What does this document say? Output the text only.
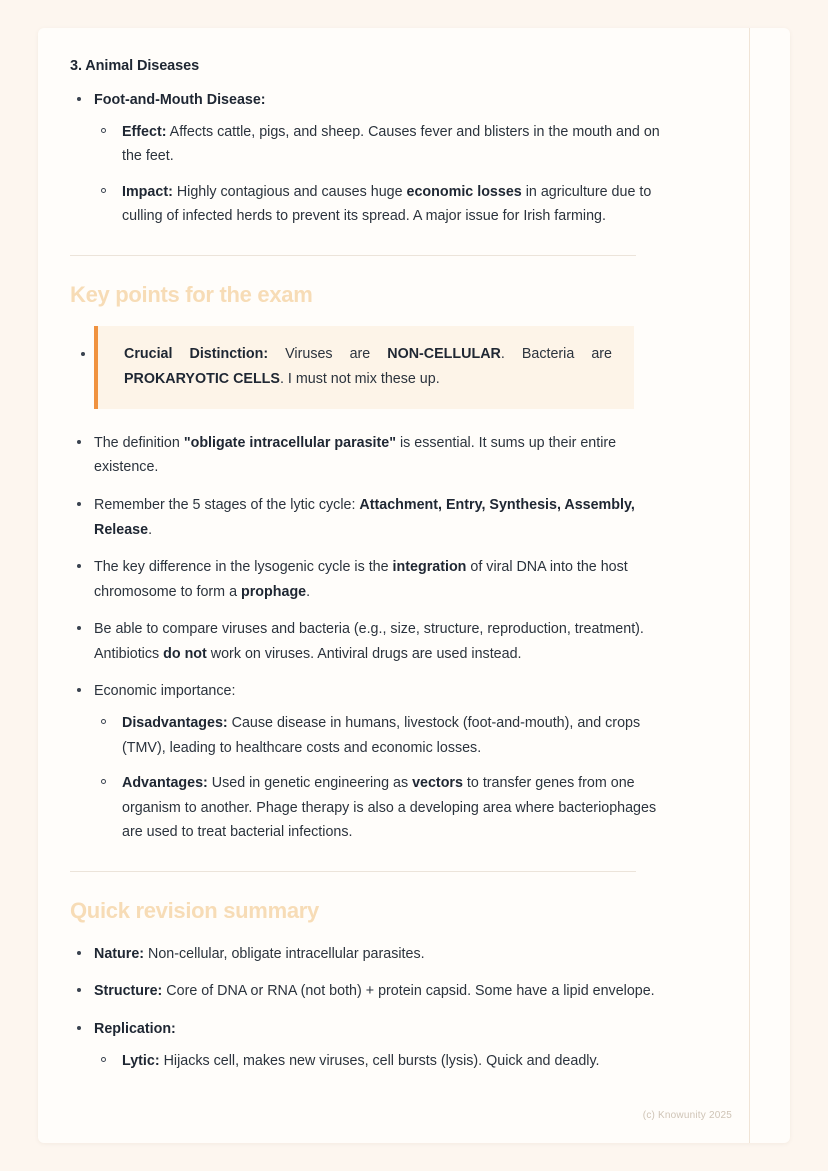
3. Animal Diseases
Foot-and-Mouth Disease:
Effect: Affects cattle, pigs, and sheep. Causes fever and blisters in the mouth and on the feet.
Impact: Highly contagious and causes huge economic losses in agriculture due to culling of infected herds to prevent its spread. A major issue for Irish farming.
Key points for the exam

Crucial Distinction: Viruses are NON-CELLULAR. Bacteria are PROKARYOTIC CELLS. I must not mix these up.

The definition "obligate intracellular parasite" is essential. It sums up their entire existence.
Remember the 5 stages of the lytic cycle: Attachment, Entry, Synthesis, Assembly, Release.
The key difference in the lysogenic cycle is the integration of viral DNA into the host chromosome to form a prophage.
Be able to compare viruses and bacteria (e.g., size, structure, reproduction, treatment). Antibiotics do not work on viruses. Antiviral drugs are used instead.
Economic importance:
Disadvantages: Cause disease in humans, livestock (foot-and-mouth), and crops (TMV), leading to healthcare costs and economic losses.
Advantages: Used in genetic engineering as vectors to transfer genes from one organism to another. Phage therapy is also a developing area where bacteriophages are used to treat bacterial infections.
Quick revision summary
Nature: Non-cellular, obligate intracellular parasites.
Structure: Core of DNA or RNA (not both) + protein capsid. Some have a lipid envelope.
Replication:
Lytic: Hijacks cell, makes new viruses, cell bursts (lysis). Quick and deadly.
(c) Knowunity 2025
